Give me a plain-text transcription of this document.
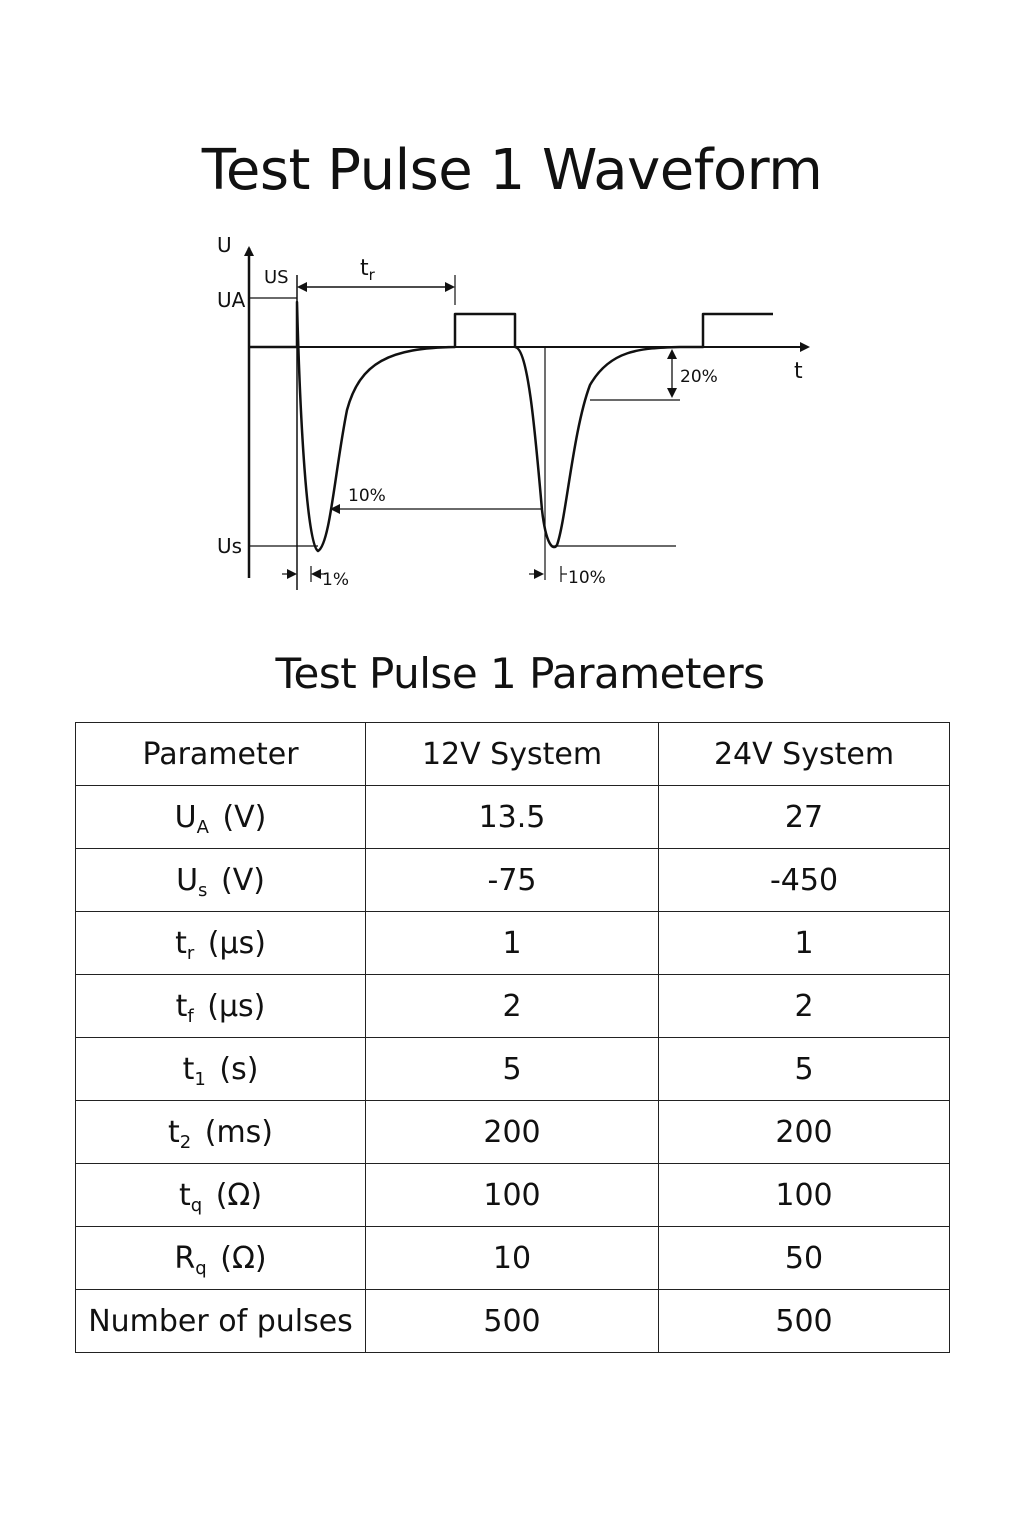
Test Pulse 1 Waveform
U
t
US
UA
Us
$t_r$
20%
10%
1%	10%
Test Pulse 1 Parameters
Parameter	12V System	24V System
$U_A$ (V)	13.5	27
$U_s$ (V)	-75	-450
$t_r$ (μs)	1	1
$t_f$ (μs)	2	2
$t_1$ (s)	5	5
$t_2$ (ms)	200	200
$t_q$ (Ω)	100	100
$R_q$ (Ω)	10	50
Number of pulses	500	500
